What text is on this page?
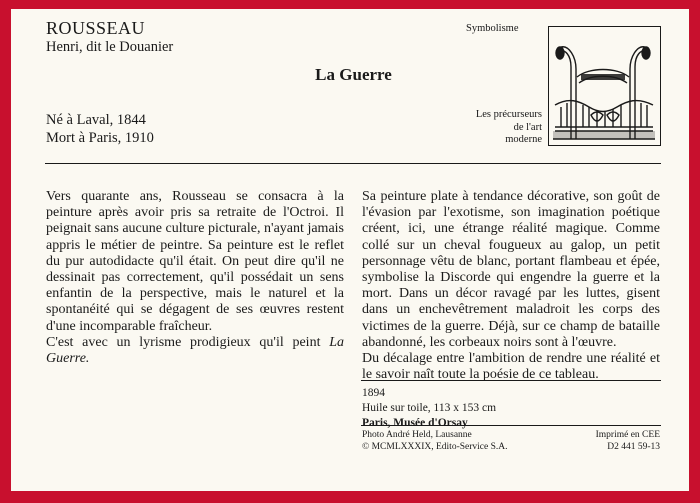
ROUSSEAU
Henri, dit le Douanier
La Guerre
Né à Laval, 1844
Mort à Paris, 1910
Symbolisme
Les précurseurs
de l'art
moderne

Vers quarante ans, Rousseau se consacra à la peinture après avoir pris sa retraite de l'Octroi. Il peignait sans aucune culture picturale, n'ayant jamais appris le métier de peintre. Sa peinture est le reflet du pur autodidacte qu'il était. On peut dire qu'il ne dessinait pas correctement, qu'il possédait un sens enfantin de la perspective, mais le naturel et la spontanéité qui se dégagent de ses œuvres restent d'une incomparable fraîcheur.

C'est avec un lyrisme prodigieux qu'il peint La Guerre.

Sa peinture plate à tendance décorative, son goût de l'évasion par l'exotisme, son imagination poétique créent, ici, une étrange réalité magique. Comme collé sur un cheval fougueux au galop, un petit personnage vêtu de blanc, portant flambeau et épée, symbolise la Discorde qui engendre la guerre et la mort. Dans un décor ravagé par les luttes, gisent dans un enchevêtrement maladroit les corps des victimes de la guerre. Déjà, sur ce champ de bataille abandonné, les corbeaux noirs sont à l'œuvre.

Du décalage entre l'ambition de rendre une réalité et le savoir naît toute la poésie de ce tableau.

1894
Huile sur toile, 113 x 153 cm
Paris, Musée d'Orsay
Photo André Held, Lausanne
© MCMLXXXIX, Edito-Service S.A.
Imprimé en CEE
D2 441 59-13
